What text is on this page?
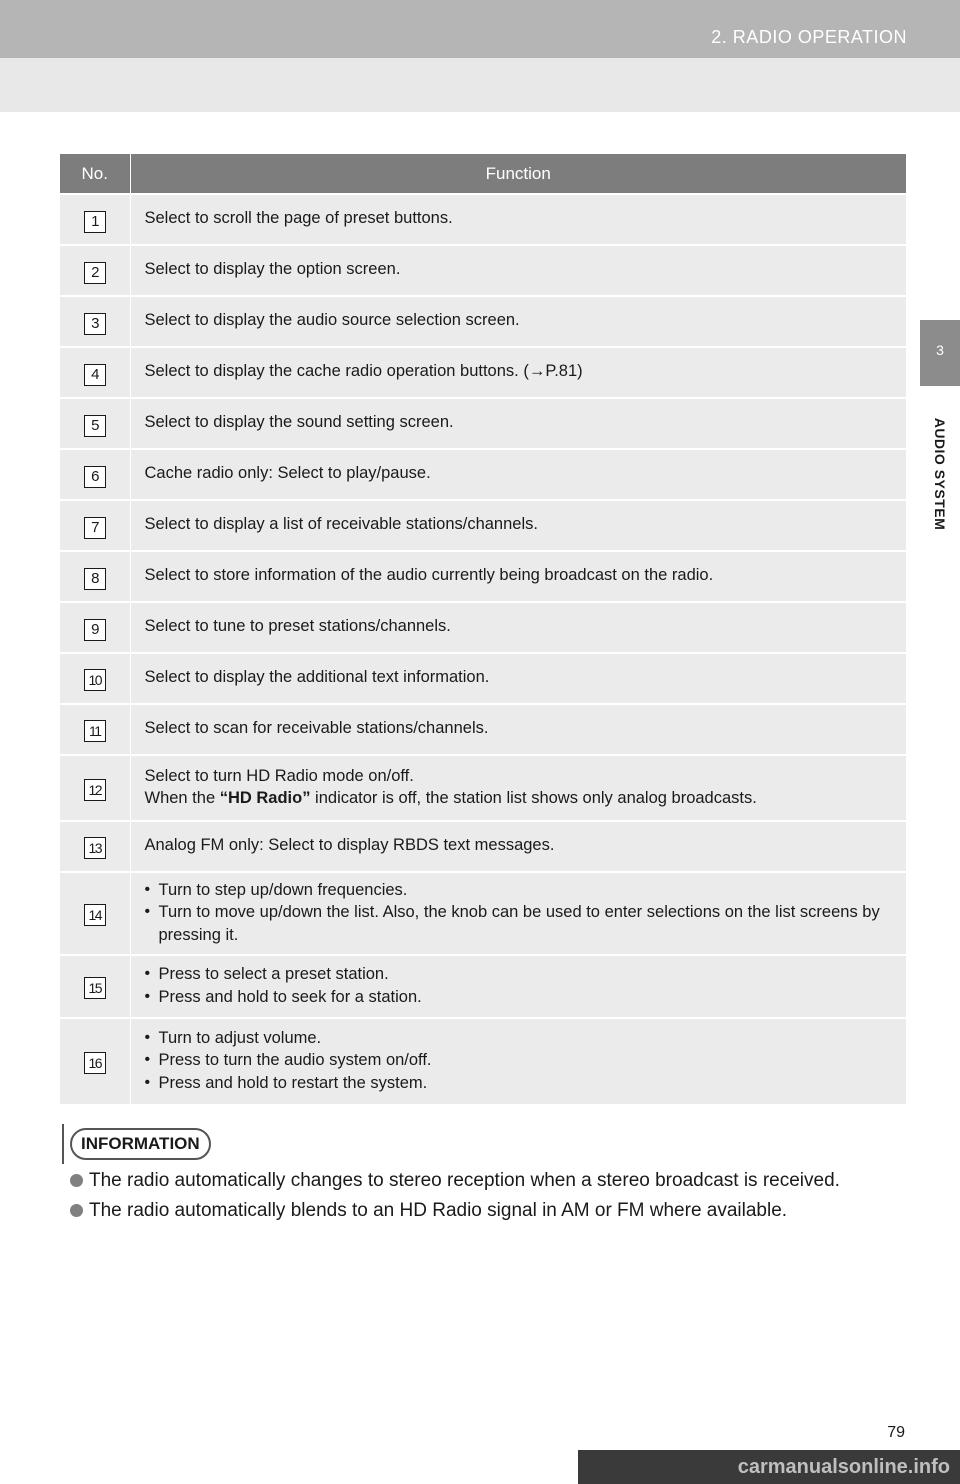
2. RADIO OPERATION
3
AUDIO SYSTEM
No.	Function
1	Select to scroll the page of preset buttons.

2	Select to display the option screen.

3	Select to display the audio source selection screen.

4	Select to display the cache radio operation buttons. (→P.81)

5	Select to display the sound setting screen.

6	Cache radio only: Select to play/pause.

7	Select to display a list of receivable stations/channels.

8	Select to store information of the audio currently being broadcast on the radio.

9	Select to tune to preset stations/channels.

10	Select to display the additional text information.

11	Select to scan for receivable stations/channels.

12	Select to turn HD Radio mode on/off.
When the “HD Radio” indicator is off, the station list shows only analog broadcasts.

13	Analog FM only: Select to display RBDS text messages.

14	• Turn to step up/down frequencies.
• Turn to move up/down the list. Also, the knob can be used to enter selections on the list screens by pressing it.

15	• Press to select a preset station.
• Press and hold to seek for a station.

16	• Turn to adjust volume.
• Press to turn the audio system on/off.
• Press and hold to restart the system.
INFORMATION
The radio automatically changes to stereo reception when a stereo broadcast is received.
The radio automatically blends to an HD Radio signal in AM or FM where available.
79
carmanualsonline.info
